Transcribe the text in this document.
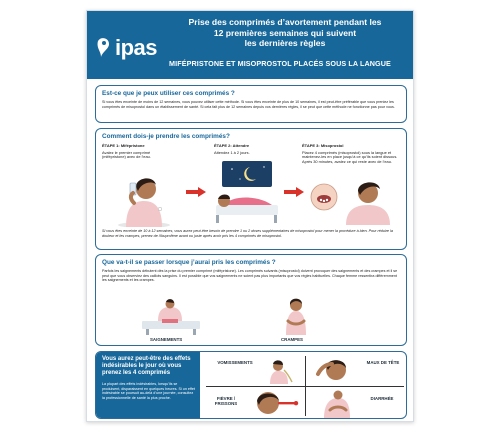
ipas
Prise des comprimés d’avortement pendant les
12 premières semaines qui suivent
les dernières règles
MIFÉPRISTONE ET MISOPROSTOL PLACÉS SOUS LA LANGUE
Est-ce que je peux utiliser ces comprimés ?
Si vous êtes enceinte de moins de 12 semaines, vous pouvez utiliser cette méthode. Si vous êtes enceinte de plus de 10 semaines, il est peut-être préférable que vous preniez les comprimés de misoprostol dans un établissement de santé. Si cela fait plus de 12 semaines depuis vos dernières règles, il se peut que cette méthode ne fonctionne pas pour vous.
Comment dois-je prendre les comprimés?
ÉTAPE 1: Mifépristone
Avalez le premier comprimé (mifépristone) avec de l’eau.
ÉTAPE 2: Attendre
Attendez 1 à 2 jours.
ÉTAPE 3: Misoprostol
Placez 4 comprimés (misoprostol) sous la langue et maintenez-les en place jusqu’à ce qu’ils soient dissous. Après 30 minutes, avalez ce qui reste avec de l’eau.
Si vous êtes enceinte de 10 à 12 semaines, vous aurez peut-être besoin de prendre 1 ou 2 doses supplémentaires de misoprostol pour mener la procédure à bien. Pour réduire la douleur et les crampes, prenez de l’ibuprofène avant ou juste après avoir pris les 4 comprimés de misoprostol.
Que va-t-il se passer lorsque j’aurai pris les comprimés ?
Parfois les saignements débutent dès la prise du premier comprimé (mifépristone). Les comprimés suivants (misoprostol) doivent provoquer des saignements et des crampes et il se peut que vous observiez des caillots sanguins. Il est possible que vos saignements ne soient pas plus importants que vos règles habituelles. Chaque femme ressentira différemment les saignements et les crampes.
SAIGNEMENTS	CRAMPES
Vous aurez peut-être des effets indésirables le jour où vous prenez les 4 comprimés
La plupart des effets indésirables, lorsqu’ils se produisent, disparaissent en quelques heures. Si un effet indésirable se poursuit au-delà d’une journée, consultez la professionnelle de santé la plus proche.
VOMISSEMENTS	MAUX DE TÊTE
FIÈVRE / FRISSONS
DIARRHÉE
